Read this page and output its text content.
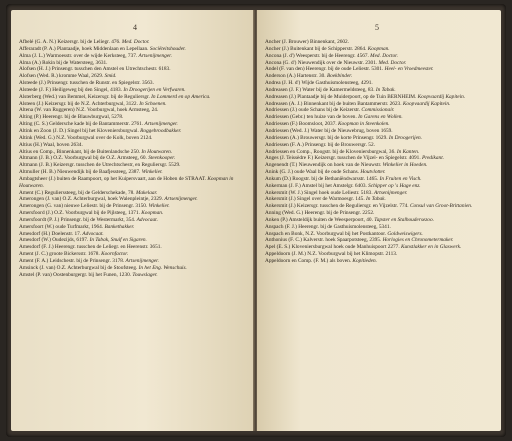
4
Afbelé (G. A. N.) Keizersgr. bij de Leliegr. 476. Med. Doctor.
Afferaradt (P. A.) Plantaadje, hoek Middenlaan en Lepellaan. Sociëteitshouder.
Alma (J. L.) Warmoesstr. over de wijde Kerksteeg, 737. Artsenijmenger.
Alma (A.) Rokin bij de Watersteeg, 3631.
Alofsen (H. J.) Prinsengr. tusschen den Amstel en Utrechtschestr. 6183.
Alofsen (Wed. R.) kromme Waal, 2629. Smid.
Alsteede (J.) Prinsengr. tusschen de Runstr. en Spiegelstr. 3563.
Alsteede (J. F.) Heiligeweg bij den Singel, 4183. In Droogerijen en Verfwaren.
Alsterberg (Wed.) van Bemmel, Keizersgr. bij de Reguliersgr. In Lommerd en op America.
Alsteen (J.) Keizersgr. bij de N.Z. Achterburgwal, 3122. In Schoenen.
Altena (W. van Ruggeren) N.Z. Voorburgwal, hoek Armsteeg, 24.
Alting (P.) Heerengr. bij de Blauwburgwal, 5278.
Alting (C. S.) Geldersche kade bij de Bantammerstr. 2761. Artsenijmenger.
Altink en Zoon (J. D.) Singel bij het Kloveniersburgwal. Roggebroodbakker.
Altink (Wed. G.) N.Z. Voorburgwal over de Kolk, boven 2124.
Altius (H.) Waal, boven 2634.
Altius en Comp., Binnenkant, bij de Buitenlandsche 250. In Houtwaren.
Altmann (J. B.) O.Z. Voorburgwal bij de O.Z. Armsteeg, 60. Steenkooper.
Altmann (J. B.) Keizersgr. tusschen de Utrechtschestr, en Reguliersgr. 5529.
Altmuller (H. B.) Nieuwendijk bij de Baafjessteeg, 2387. Winkelier.
Ambagtsheer (J.) buiten de Raampoort, op het Kuipersvaart, aan de Hoben de STRAAT. Koopman in Houtwaren.
Ament (C.) Regulierssteeg, bij de Gelderschekade, 78. Makelaar.
Amerongen (J. van) O.Z. Achterburgwal, hoek Walenpleintje, 2329. Artsenijmenger.
Amerongen (G. van) nieuwe Leliestr. bij de Prinsengr. 3150. Winkelier.
Amersfoord (J.) O.Z. Voorburgwal bij de Pijlsteeg, 1371. Koopman.
Amersfoordt (P. J.) Prinsengr. bij de Westermarkt, 354. Advocaat.
Amersfoort (W.) oude Turfmarkt, 1964. Bankethakker.
Amesdorf (H.) Doelenstr. 17. Advocaat.
Amesdorf (W.) Oudezijds, 6197. In Tabak, Snuif en Sigaren.
Amesdorf (F. J.) Heerengr. tusschen de Leliegr. en Heerenstr. 3651.
Ament (J. C.) groote Bickersstr. 1678. Koornfactor.
Ament (F. A.) Leidschestr. bij de Prinsengr. 3178. Artsenijmenger.
Amsinck (J. van) O.Z. Achterburgwal bij de Stoofsteeg. In het Eng. Wenschuis.
Amstel (P. van) Oostenburgergr. bij het Funen, 1230. Touwslager.
5
Ancher (J. Brouwer) Binnenkant, 2602.
Ancher (J.) Buitenkant bij de Schipperstr. 2864. Koopman.
Ancona (J. d') Weesperstr. bij de Heerengr. 4567. Med. Doctor.
Ancona (G. d') Nieuwendijk over de Nieuwstr. 2301. Med. Doctor.
Andel (F. van den) Heerengr. bij de oude Leliestr. 5301. Heel- en Vroedmeester.
Anderson (A.) Hartenstr. 30. Boekbinder.
Andrea (J. H. d') Wijde Gasthuismolensteeg, 4291.
Andreasen (J. F.) Water bij de Kamermeldsteeg, 83. In Tabak.
Andreasen (J.) Plantaadje bij de Muiderpoort, op de Tuin BERNHEIM. Koopvaardij Kapitein.
Andreasen (A. J.) Binnenkant bij de buiten Bantammerstr. 2623. Koopvaardij Kapitein.
Andriessen (J.) oude Schans bij de Keizerstr. Commissionair.
Andriessen (Gebr.) ten huize van de boven. In Garens en Wollen.
Andriessen (F.) Boomsloot, 2037. Koopman in Steenkolen.
Andriessen (Wed. J.) Water bij de Nieuwebrug, boven 1659.
Andriessen (A.) Brouwersgr. bij de korte Prinsengr. 1629. In Droogerijen.
Andriessen (F. A.) Prinsengr. bij de Brouwersgr. 52.
Andriessen en Comp., Roogstr. bij de Kloveniersburgwal, 36. In Kanten.
Anges (J. Teissèdre F.) Keizersgr. tusschen de Vijzel- en Spiegelstr. 4091. Predikant.
Angenendt (T.) Nieuwendijk on hoek van de Nieuwstr. Winkelier in Hoeden.
Anink (G. J.) oude Waal bij de oude Schans. Houtvlotter.
Ankum (D.) Roogstr. bij de Bethaniëndwarsstr. 1465. In Fruiten en Visch.
Ankerman (J. F.) Amstel bij het Amstelgr. 6403. Schipper op 's Hage enz.
Ankersmit (W. J.) Singel hoek oude Leliestr. 5183. Artsenijmenger.
Ankersmit (J.) Singel over de Warmoesgr. 145. In Tabak.
Ankersmit (J.) Keizersgr. tusschen de Reguliersgr. en Vijzelstr. 774. Consul van Groot-Brittanien.
Anning (Wed. G.) Heerengr. bij de Prinsengr. 2252.
Anken (P.) Amsteldijk buiten de Weesperpoort, 40. Tapster en Stalhoudersezoo.
Anspach (F. J.) Heerengr. bij de Gasthuismolensteeg, 5341.
Anspach en Bonk, N.Z. Voorburgwal bij het Postkantoor. Goldweiswigers.
Anthonius (F. C.) Kalverstr. hoek Spaarpotsteeg, 2395. Horlogies en Chronometermaker.
Apel (E. S.) Kloveniersburgwal hoek oude Manhuispoort 2277. Kunstlakker en in Glaswerk.
Appeldoorn (J. M.) N.Z. Voorburgwal bij het Klimopstr. 2113.
Appeldoorn en Comp. (F. M.) als boven. Kopitieden.
